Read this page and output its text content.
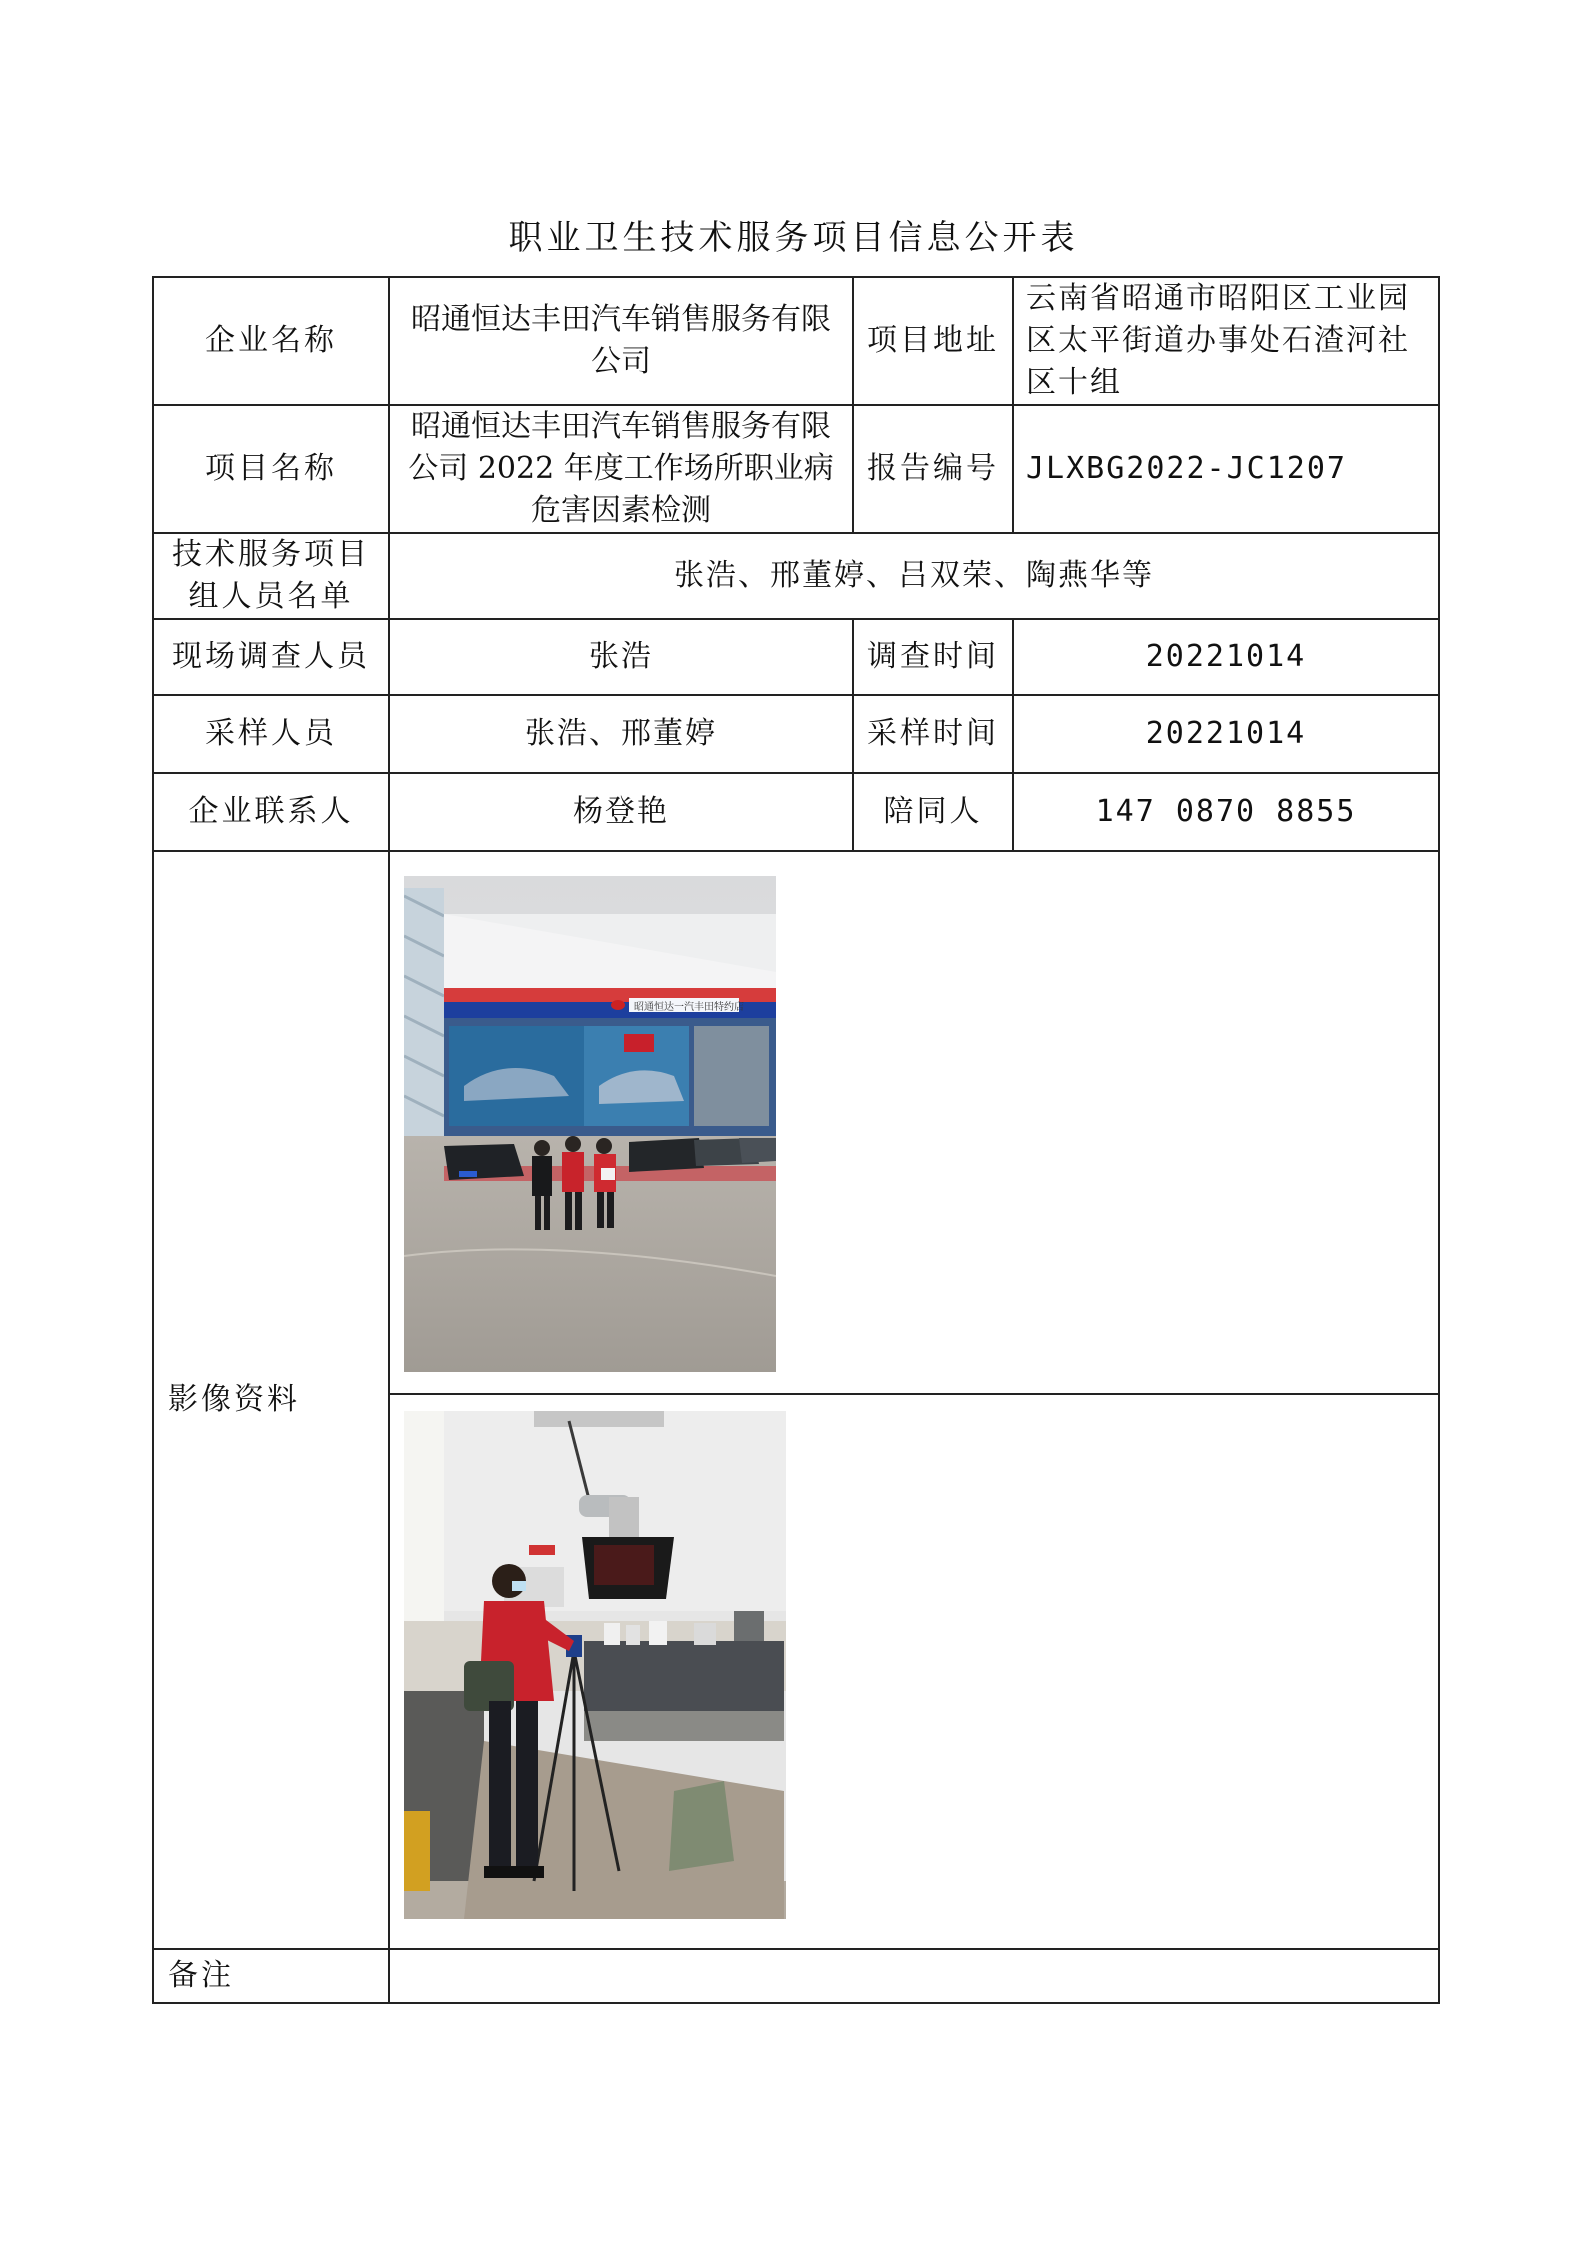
职业卫生技术服务项目信息公开表
企业名称	昭通恒达丰田汽车销售服务有限公司	项目地址	云南省昭通市昭阳区工业园区太平街道办事处石渣河社区十组
项目名称	昭通恒达丰田汽车销售服务有限公司 2022 年度工作场所职业病危害因素检测	报告编号	JLXBG2022-JC1207
技术服务项目组人员名单	张浩、邢董婷、吕双荣、陶燕华等		
现场调查人员	张浩	调查时间	20221014
采样人员	张浩、邢董婷	采样时间	20221014
企业联系人	杨登艳	陪同人	147 0870 8855
影像资料	昭通恒达一汽丰田特约店		

备注			
